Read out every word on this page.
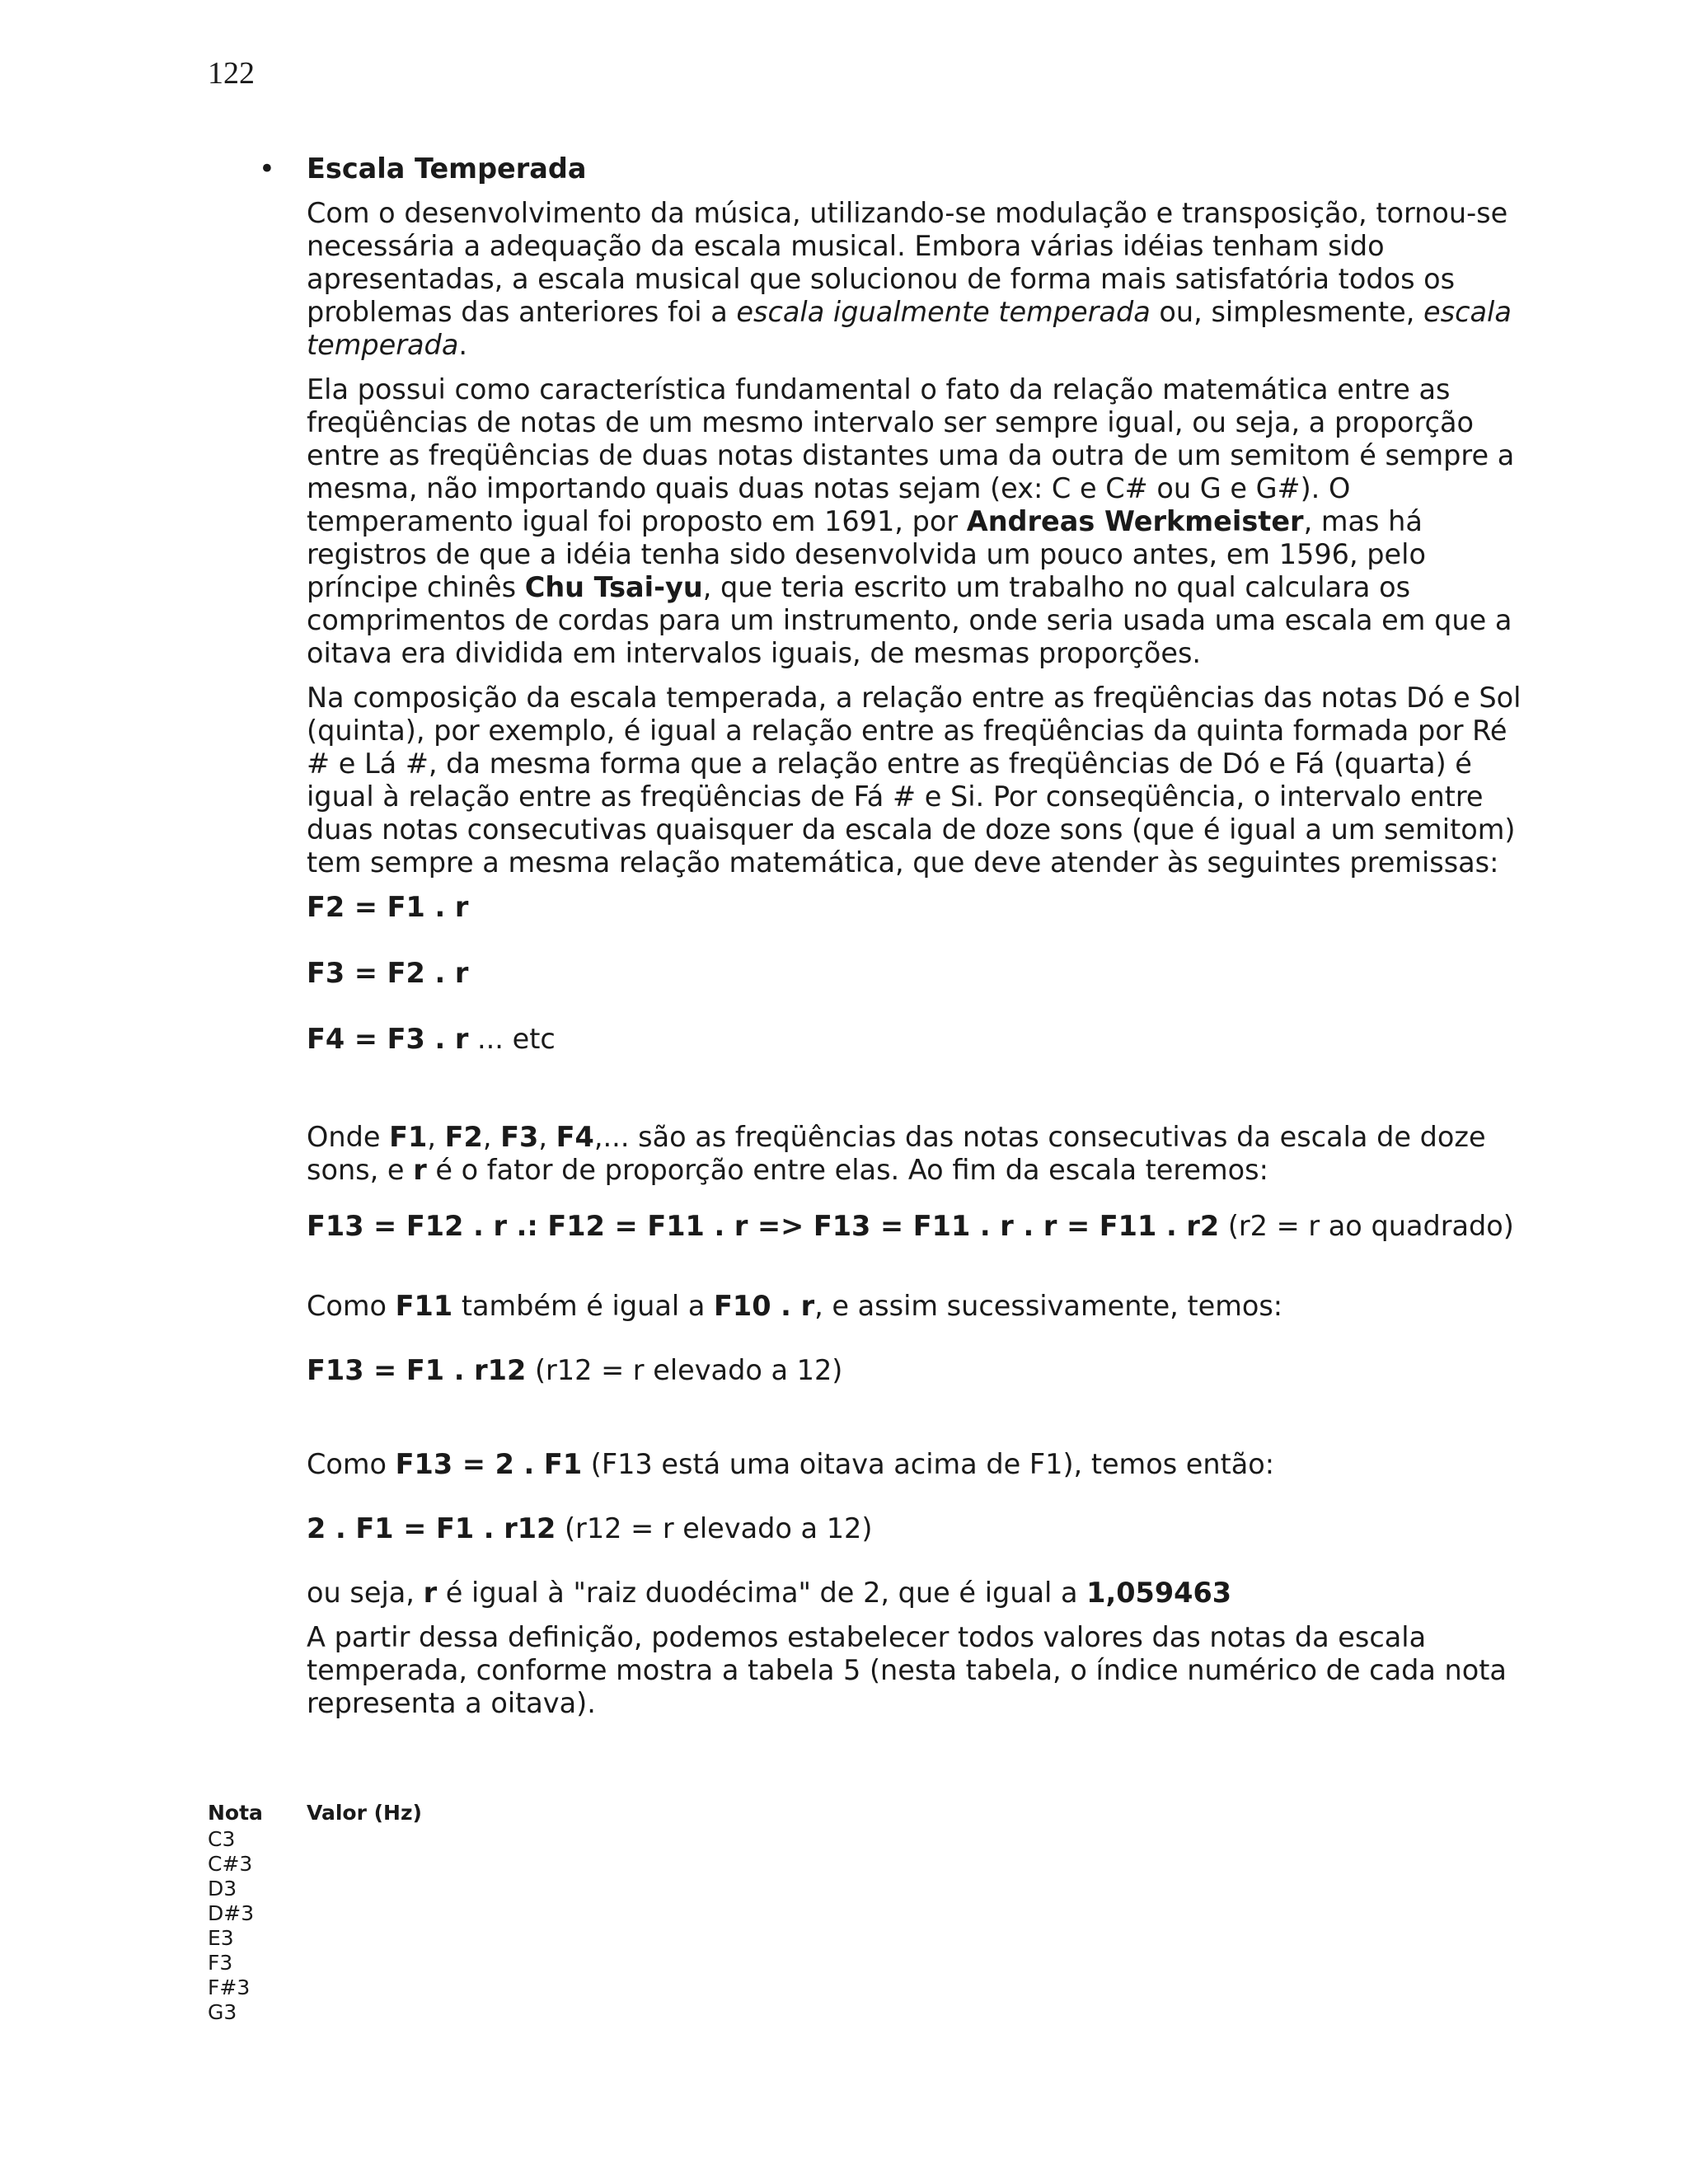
122
• Escala Temperada

Com o desenvolvimento da música, utilizando-se modulação e transposição, tornou-se necessária a adequação da escala musical. Embora várias idéias tenham sido apresentadas, a escala musical que solucionou de forma mais satisfatória todos os problemas das anteriores foi a escala igualmente temperada ou, simplesmente, escala temperada.

Ela possui como característica fundamental o fato da relação matemática entre as freqüências de notas de um mesmo intervalo ser sempre igual, ou seja, a proporção entre as freqüências de duas notas distantes uma da outra de um semitom é sempre a mesma, não importando quais duas notas sejam (ex: C e C# ou G e G#). O temperamento igual foi proposto em 1691, por Andreas Werkmeister, mas há registros de que a idéia tenha sido desenvolvida um pouco antes, em 1596, pelo príncipe chinês Chu Tsai-yu, que teria escrito um trabalho no qual calculara os comprimentos de cordas para um instrumento, onde seria usada uma escala em que a oitava era dividida em intervalos iguais, de mesmas proporções.

Na composição da escala temperada, a relação entre as freqüências das notas Dó e Sol (quinta), por exemplo, é igual a relação entre as freqüências da quinta formada por Ré # e Lá #, da mesma forma que a relação entre as freqüências de Dó e Fá (quarta) é igual à relação entre as freqüências de Fá # e Si. Por conseqüência, o intervalo entre duas notas consecutivas quaisquer da escala de doze sons (que é igual a um semitom) tem sempre a mesma relação matemática, que deve atender às seguintes premissas:

F2 = F1 . r

F3 = F2 . r

F4 = F3 . r ... etc

Onde F1, F2, F3, F4,... são as freqüências das notas consecutivas da escala de doze sons, e r é o fator de proporção entre elas. Ao fim da escala teremos:

F13 = F12 . r .: F12 = F11 . r => F13 = F11 . r . r = F11 . r2 (r2 = r ao quadrado)

Como F11 também é igual a F10 . r, e assim sucessivamente, temos:

F13 = F1 . r12 (r12 = r elevado a 12)

Como F13 = 2 . F1 (F13 está uma oitava acima de F1), temos então:

2 . F1 = F1 . r12 (r12 = r elevado a 12)

ou seja, r é igual à "raiz duodécima" de 2, que é igual a 1,059463

A partir dessa definição, podemos estabelecer todos valores das notas da escala temperada, conforme mostra a tabela 5 (nesta tabela, o índice numérico de cada nota representa a oitava).

Nota	Valor (Hz)
C3
C#3
D3
D#3
E3
F3
F#3
G3
